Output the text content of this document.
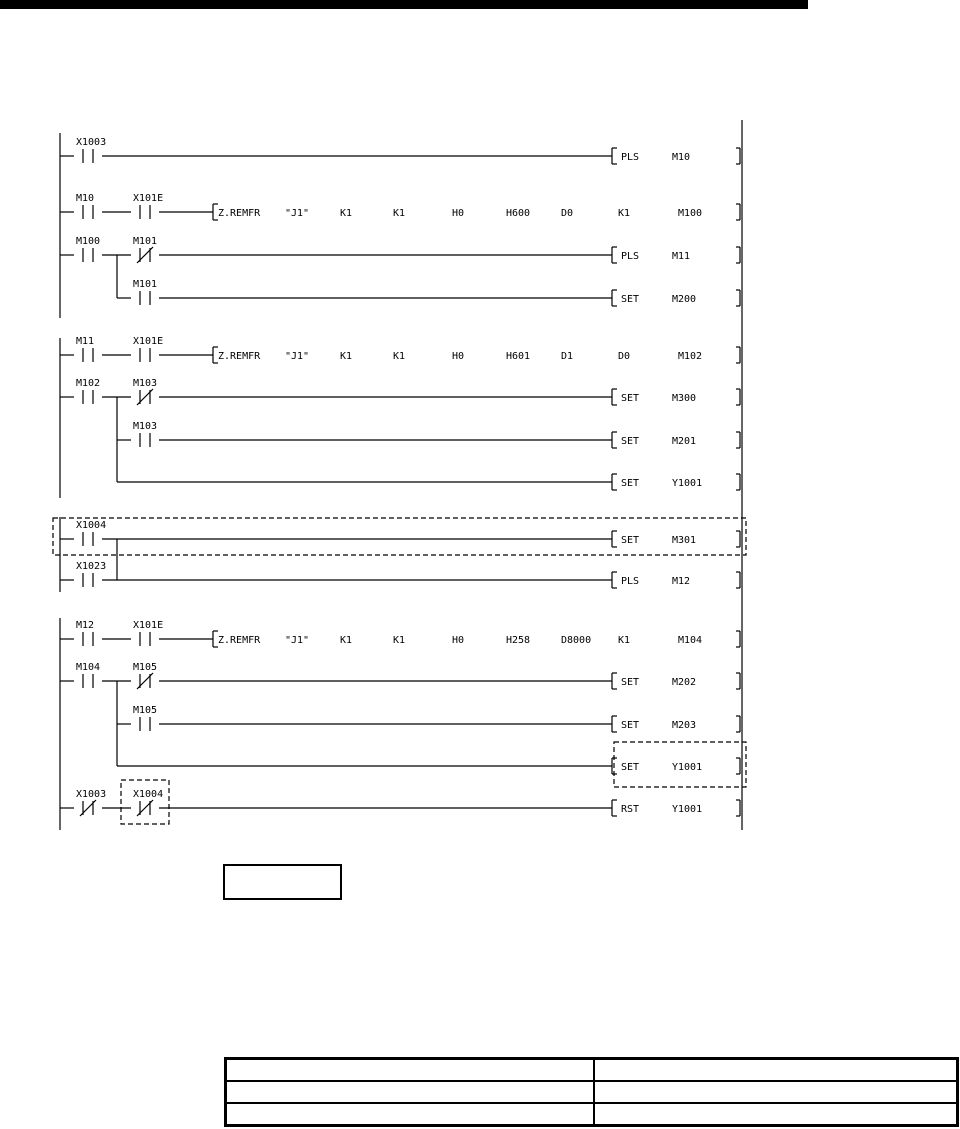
X1003
PLS	M10
M10	X101E
Z.REMFR "J1"	K1	K1	H0	H600	D0	K1	M100
M100	M101
PLS	M11
M101
SET	M200
M11	X101E
Z.REMFR "J1"	K1	K1	H0	H601	D1	D0	M102
M102	M103
SET	M300
M103
SET	M201
SET	Y1001
X1004
SET	M301
X1023
PLS	M12
M12	X101E
Z.REMFR "J1"	K1	K1	H0	H258	D8000	K1	M104
M104	M105
SET	M202
M105
SET	M203
SET	Y1001
X1003	X1004
RST	Y1001
